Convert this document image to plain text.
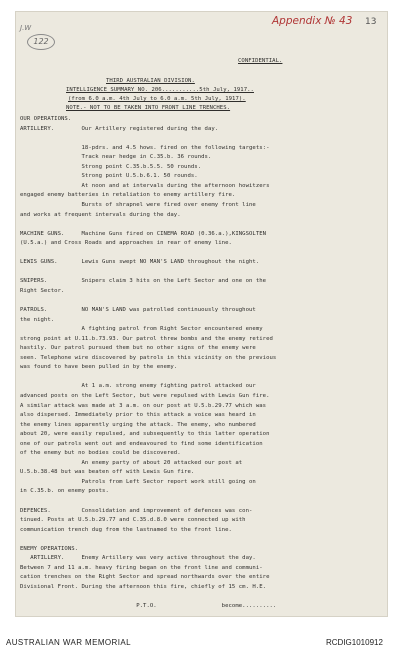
J.W
122
Appendix № 43 13
CONFIDENTIAL.
THIRD AUSTRALIAN DIVISION.
INTELLIGENCE SUMMARY NO. 206...........5th July, 1917..
(from 6.0 a.m. 4th July to 6.0 a.m. 5th July, 1917).
NOTE.- NOT TO BE TAKEN INTO FRONT LINE TRENCHES.
OUR OPERATIONS.
ARTILLERY.        Our Artillery registered during the day.
18-pdrs. and 4.5 hows. fired on the following targets:-
Track near hedge in C.35.b. 36 rounds.
Strong point C.35.b.5.5. 50 rounds.
Strong point U.5.b.6.1. 50 rounds.
At noon and at intervals during the afternoon howitzers
engaged enemy batteries in retaliation to enemy artillery fire.
Bursts of shrapnel were fired over enemy front line
and works at frequent intervals during the day.
MACHINE GUNS.     Machine Guns fired on CINEMA ROAD (0.36.a.),KINGSOLTEN
(U.5.a.) and Cross Roads and approaches in rear of enemy line.
LEWIS GUNS.       Lewis Guns swept NO MAN'S LAND throughout the night.
SNIPERS.          Snipers claim 3 hits on the Left Sector and one on the
Right Sector.
PATROLS.          NO MAN'S LAND was patrolled continuously throughout
the night.
A fighting patrol from Right Sector encountered enemy
strong point at U.11.b.73.93. Our patrol threw bombs and the enemy retired
hastily. Our patrol pursued them but no other signs of the enemy were
seen. Telephone wire discovered by patrols in this vicinity on the previous
was found to have been pulled in by the enemy.
At 1 a.m. strong enemy fighting patrol attacked our
advanced posts on the Left Sector, but were repulsed with Lewis Gun fire.
A similar attack was made at 3 a.m. on our post at U.5.b.29.77 which was
also dispersed. Immediately prior to this attack a voice was heard in
the enemy lines apparently urging the attack. The enemy, who numbered
about 20, were easily repulsed, and subsequently to this latter operation
one of our patrols went out and endeavoured to find some identification
of the enemy but no bodies could be discovered.
An enemy party of about 20 attacked our post at
U.5.b.38.48 but was beaten off with Lewis Gun fire.
Patrols from Left Sector report work still going on
in C.35.b. on enemy posts.
DEFENCES.         Consolidation and improvement of defences was con-
tinued. Posts at U.5.b.29.77 and C.35.d.8.0 were connected up with
communication trench dug from the lastnamed to the front line.
ENEMY OPERATIONS.
ARTILLERY.     Enemy Artillery was very active throughout the day.
Between 7 and 11 a.m. heavy firing began on the front line and communi-
cation trenches on the Right Sector and spread northwards over the entire
Divisional Front. During the afternoon this fire, chiefly of 15 cm. H.E.
P.T.O.                   become..........
AUSTRALIAN WAR MEMORIAL	RCDIG1010912
